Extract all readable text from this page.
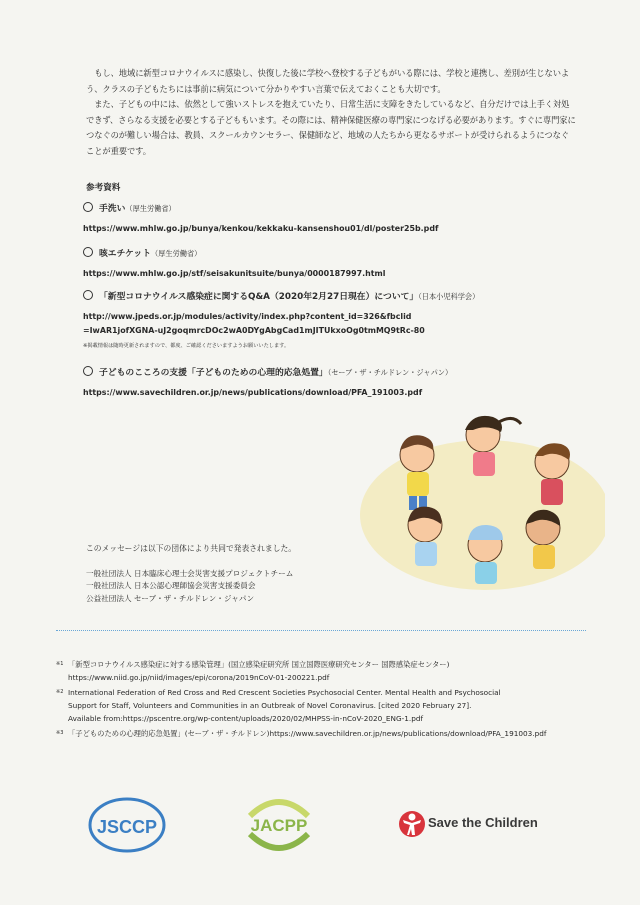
 もし、地域に新型コロナウイルスに感染し、快復した後に学校へ登校する子どもがいる際には、学校と連携し、差別が生じないよう、クラスの子どもたちには事前に病気について分かりやすい言葉で伝えておくことも大切です。
 また、子どもの中には、依然として強いストレスを抱えていたり、日常生活に支障をきたしているなど、自分だけでは上手く対処できず、さらなる支援を必要とする子どももいます。その際には、精神保健医療の専門家につなげる必要があります。すぐに専門家につなぐのが難しい場合は、教員、スクールカウンセラー、保健師など、地域の人たちから更なるサポートが受けられるようにつなぐことが重要です。
参考資料
手洗い（厚生労働省）
https://www.mhlw.go.jp/bunya/kenkou/kekkaku-kansenshou01/dl/poster25b.pdf
咳エチケット（厚生労働省）
https://www.mhlw.go.jp/stf/seisakunitsuite/bunya/0000187997.html
「新型コロナウイルス感染症に関するQ&A（2020年2月27日現在）について」（日本小児科学会）
http://www.jpeds.or.jp/modules/activity/index.php?content_id=326&fbclid
=IwAR1jofXGNA-uJ2goqmrcDOc2wA0DYgAbgCad1mJITUkxoOg0tmMQ9tRc-80
※掲載情報は随時更新されますので、都度、ご確認くださいますようお願いいたします。
子どものこころの支援「子どものための心理的応急処置」（セーブ・ザ・チルドレン・ジャパン）
https://www.savechildren.or.jp/news/publications/download/PFA_191003.pdf
このメッセージは以下の団体により共同で発表されました。
一般社団法人 日本臨床心理士会災害支援プロジェクトチーム
一般社団法人 日本公認心理師協会災害支援委員会
公益社団法人 セーブ・ザ・チルドレン・ジャパン
※1 「新型コロナウイルス感染症に対する感染管理」(国立感染症研究所 国立国際医療研究センター 国際感染症センター)
https://www.niid.go.jp/niid/images/epi/corona/2019nCoV-01-200221.pdf
※2 International Federation of Red Cross and Red Crescent Societies Psychosocial Center. Mental Health and Psychosocial
Support for Staff, Volunteers and Communities in an Outbreak of Novel Coronavirus. [cited 2020 February 27].
Available from:https://pscentre.org/wp-content/uploads/2020/02/MHPSS-in-nCoV-2020_ENG-1.pdf
※3 「子どものための心理的応急処置」(セーブ・ザ・チルドレン)https://www.savechildren.or.jp/news/publications/download/PFA_191003.pdf
JSCCP	JACPP	Save the Children
